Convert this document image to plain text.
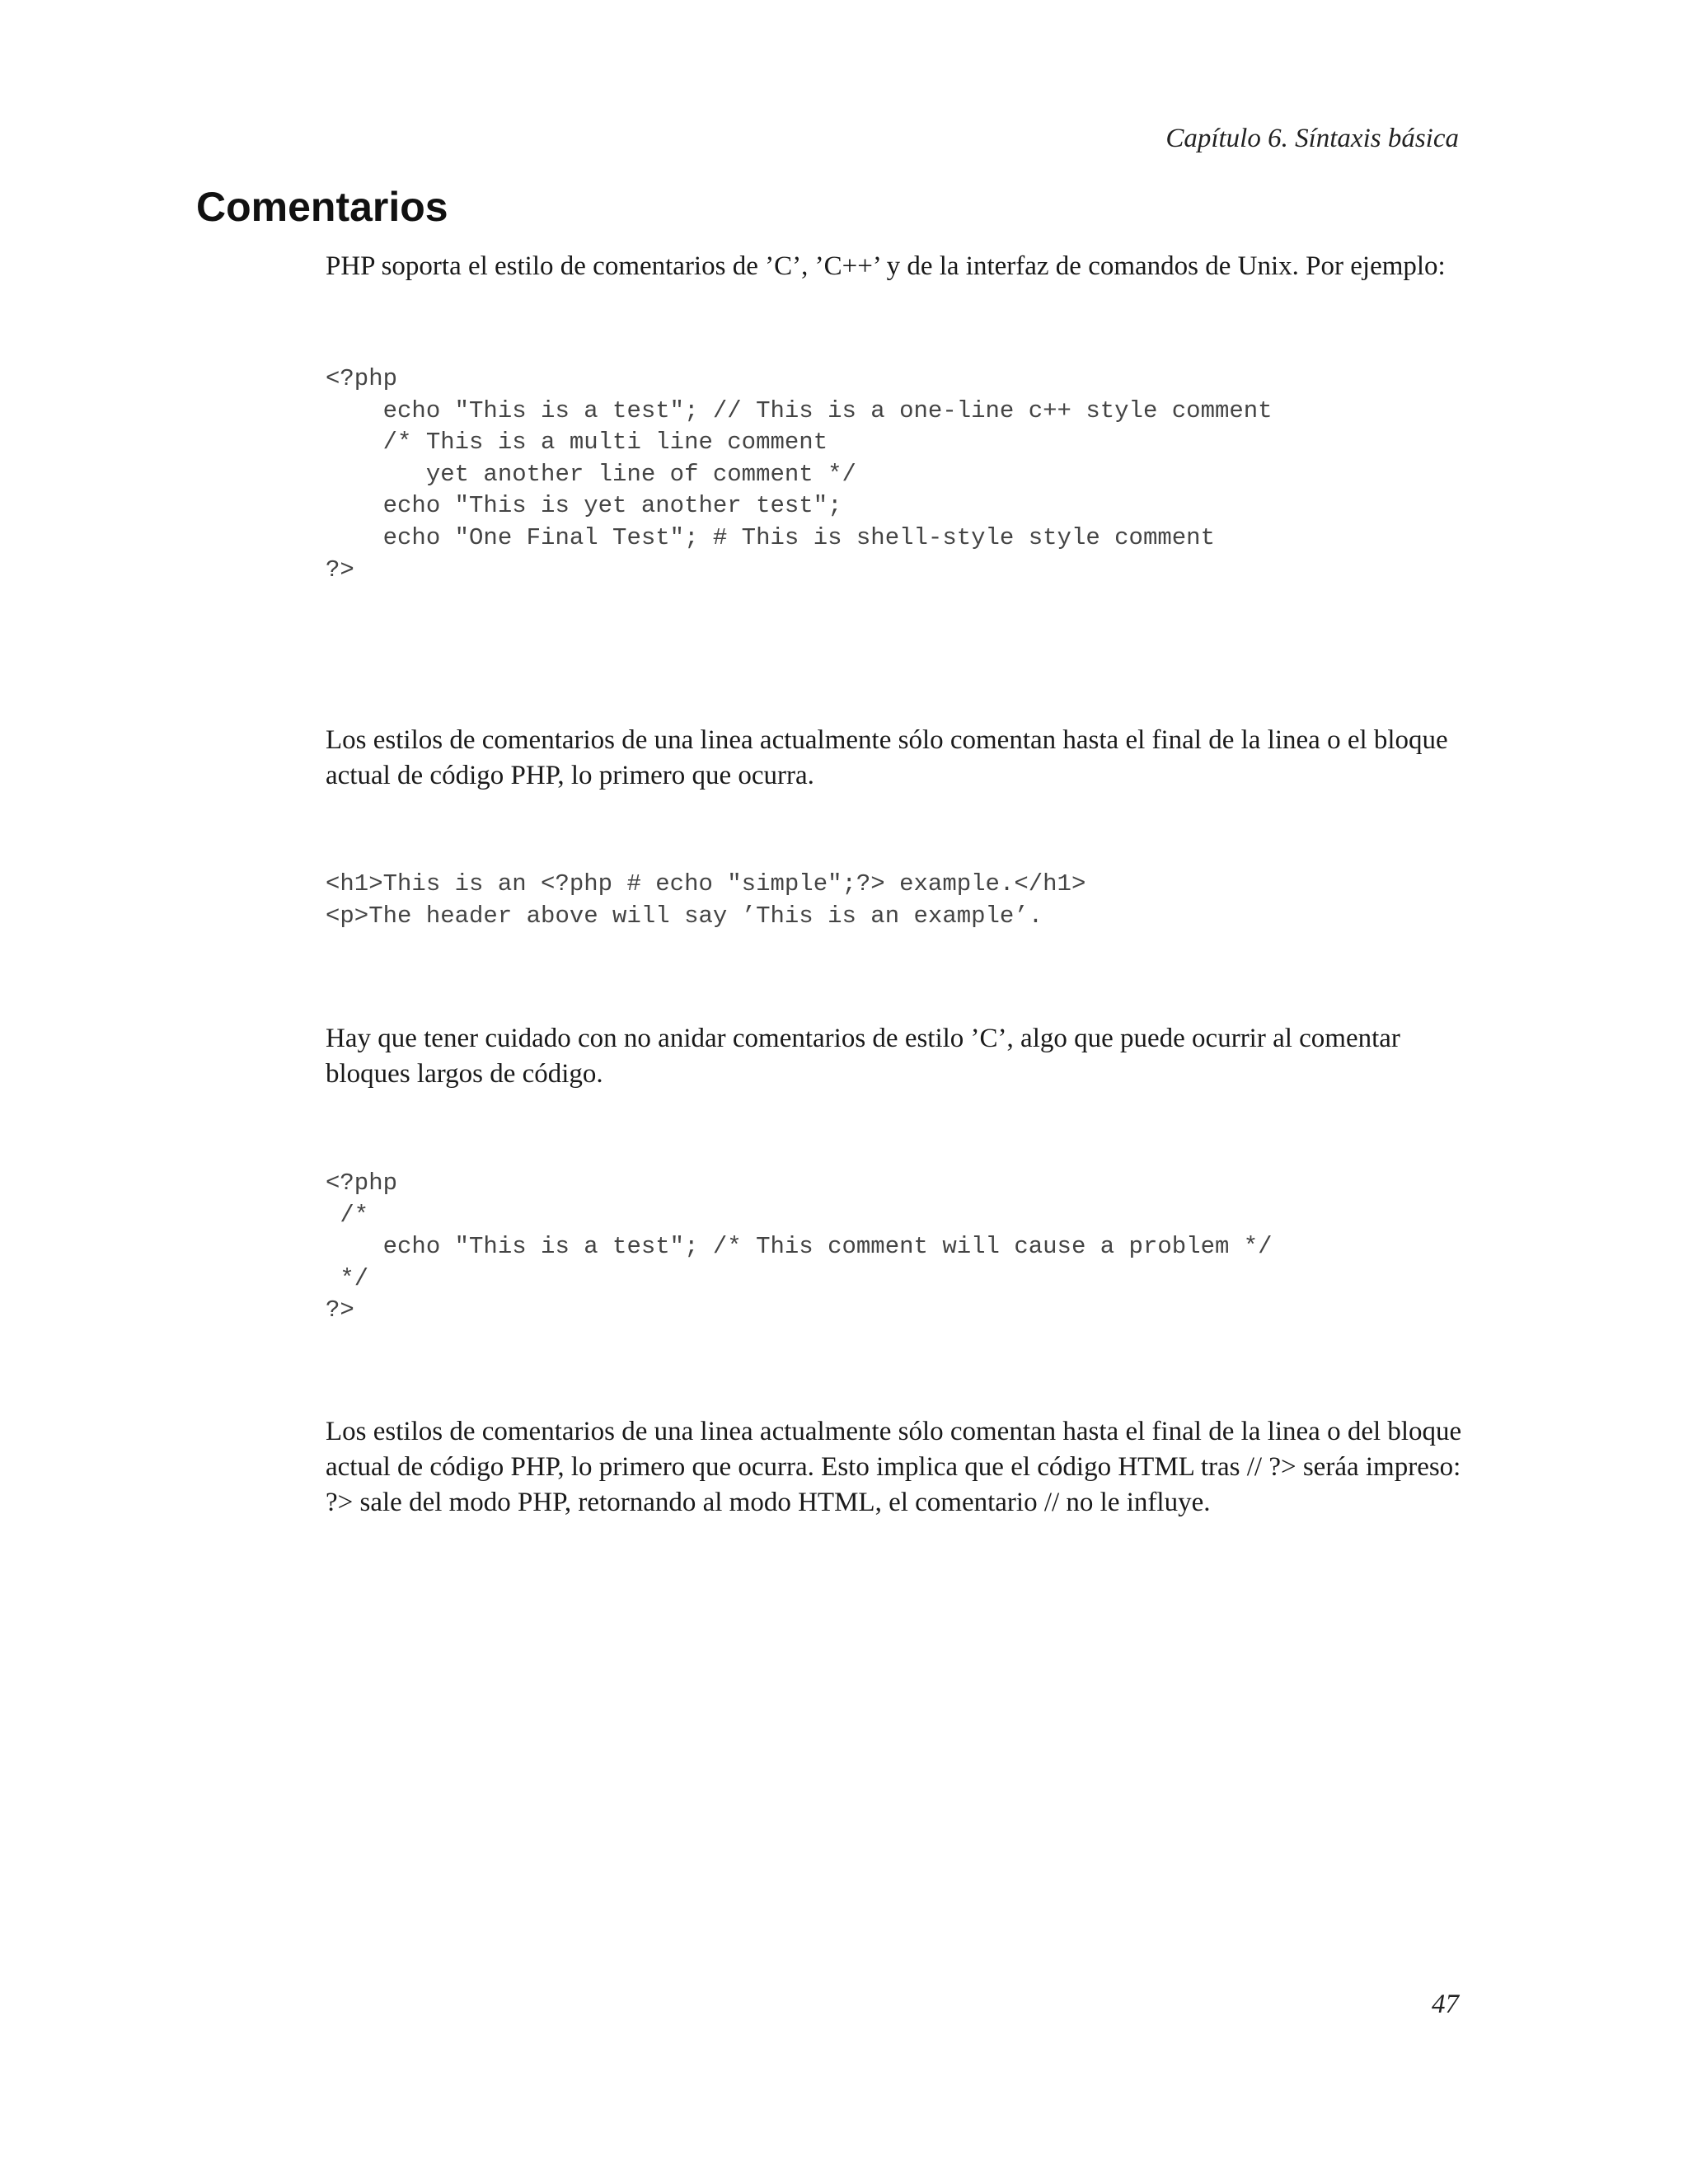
Capítulo 6. Síntaxis básica
Comentarios

PHP soporta el estilo de comentarios de ’C’, ’C++’ y de la interfaz de comandos de Unix. Por ejemplo:

<?php
echo "This is a test"; // This is a one-line c++ style comment
/* This is a multi line comment
yet another line of comment */
echo "This is yet another test";
echo "One Final Test"; # This is shell-style style comment
?>

Los estilos de comentarios de una linea actualmente sólo comentan hasta el final de la linea o el bloque actual de código PHP, lo primero que ocurra.

<h1>This is an <?php # echo "simple";?> example.</h1>
<p>The header above will say ’This is an example’.

Hay que tener cuidado con no anidar comentarios de estilo ’C’, algo que puede ocurrir al comentar bloques largos de código.

<?php
/*
echo "This is a test"; /* This comment will cause a problem */
*/
?>

Los estilos de comentarios de una linea actualmente sólo comentan hasta el final de la linea o del bloque actual de código PHP, lo primero que ocurra. Esto implica que el código HTML tras // ?> seráa impreso: ?> sale del modo PHP, retornando al modo HTML, el comentario // no le influye.

47
